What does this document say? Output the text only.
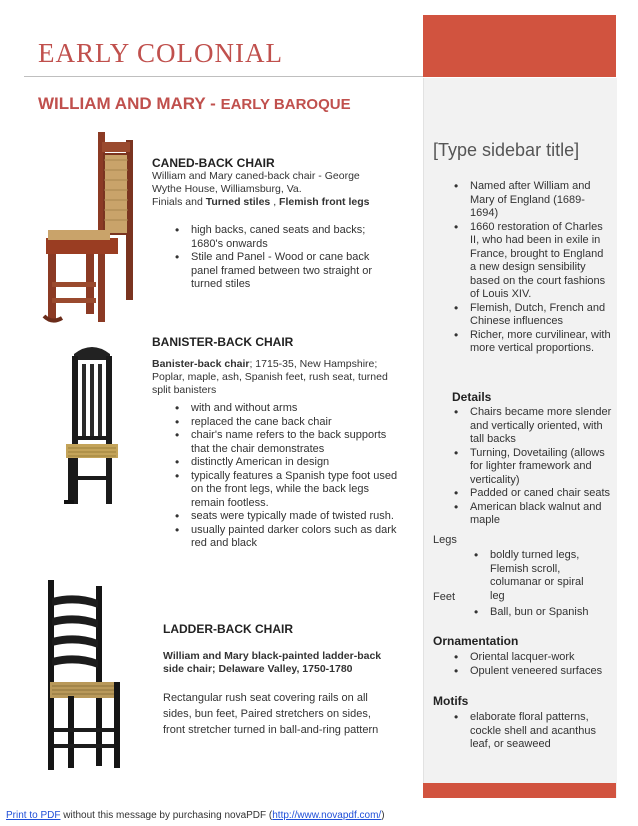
EARLY COLONIAL
WILLIAM AND MARY - EARLY BAROQUE
CANED-BACK CHAIR
William and Mary caned-back chair - George Wythe House, Williamsburg, Va.
Finials and Turned stiles , Flemish front legs
• high backs, caned seats and backs; 1680's onwards
• Stile and Panel - Wood or cane back panel framed between two straight or turned stiles
BANISTER-BACK CHAIR
Banister-back chair; 1715-35, New Hampshire; Poplar, maple, ash, Spanish feet, rush seat, turned split banisters
• with and without arms
• replaced the cane back chair
• chair's name refers to the back supports that the chair demonstrates
• distinctly American in design
• typically features a Spanish type foot used on the front legs, while the back legs remain footless.
• seats were typically made of twisted rush.
• usually painted darker colors such as dark red and black
LADDER-BACK CHAIR
William and Mary black-painted ladder-back side chair; Delaware Valley, 1750-1780
Rectangular rush seat covering rails on all sides, bun feet, Paired stretchers on sides, front stretcher turned in ball-and-ring pattern
[Type sidebar title]
• Named after William and Mary of England (1689-1694)
• 1660 restoration of Charles II, who had been in exile in France, brought to England a new design sensibility based on the court fashions of Louis XIV.
• Flemish, Dutch, French and Chinese influences
• Richer, more curvilinear, with more vertical proportions.
Details
• Chairs became more slender and vertically oriented, with tall backs
• Turning, Dovetailing (allows for lighter framework and verticality)
• Padded or caned chair seats
• American black walnut and maple
Legs
• boldly turned legs, Flemish scroll, columanar or spiral leg
Feet
• Ball, bun or Spanish
Ornamentation
• Oriental lacquer-work
• Opulent veneered surfaces
Motifs
• elaborate floral patterns, cockle shell and acanthus leaf, or seaweed
Print to PDF without this message by purchasing novaPDF (http://www.novapdf.com/)
